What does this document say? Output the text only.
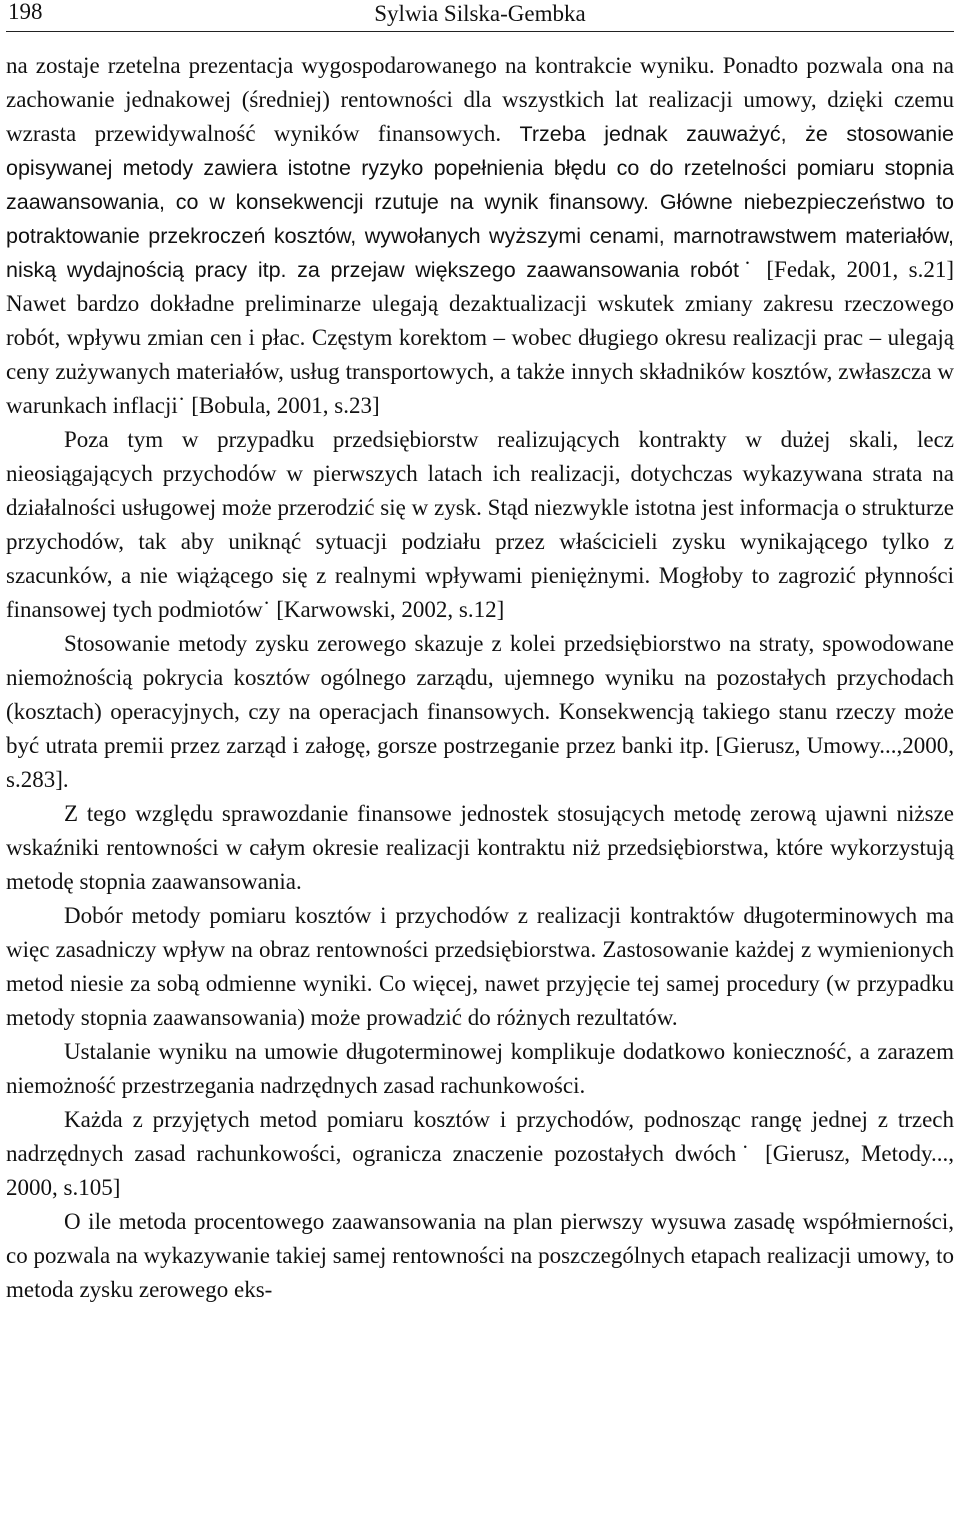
198	Sylwia Silska-Gembka

na zostaje rzetelna prezentacja wygospodarowanego na kontrakcie wyniku. Ponadto pozwala ona na zachowanie jednakowej (średniej) rentowności dla wszystkich lat realizacji umowy, dzięki czemu wzrasta przewidywalność wyników finansowych. Trzeba jednak zauważyć, że stosowanie opisywanej metody zawiera istotne ryzyko popełnienia błędu co do rzetelności pomiaru stopnia zaawansowania, co w konsekwencji rzutuje na wynik finansowy. Główne niebezpieczeństwo to potraktowanie przekroczeń kosztów, wywołanych wyższymi cenami, marnotrawstwem materiałów, niską wydajnością pracy itp. za przejaw większego zaawansowania robót˙ [Fedak, 2001, s.21] Nawet bardzo dokładne preliminarze ulegają dezaktualizacji wskutek zmiany zakresu rzeczowego robót, wpływu zmian cen i płac. Częstym korektom – wobec długiego okresu realizacji prac – ulegają ceny zużywanych materiałów, usług transportowych, a także innych składników kosztów, zwłaszcza w warunkach inflacji˙ [Bobula, 2001, s.23]

Poza tym w przypadku przedsiębiorstw realizujących kontrakty w dużej skali, lecz nieosiągających przychodów w pierwszych latach ich realizacji, dotychczas wykazywana strata na działalności usługowej może przerodzić się w zysk. Stąd niezwykle istotna jest informacja o strukturze przychodów, tak aby uniknąć sytuacji podziału przez właścicieli zysku wynikającego tylko z szacunków, a nie wiążącego się z realnymi wpływami pieniężnymi. Mogłoby to zagrozić płynności finansowej tych podmiotów˙ [Karwowski, 2002, s.12]

Stosowanie metody zysku zerowego skazuje z kolei przedsiębiorstwo na straty, spowodowane niemożnością pokrycia kosztów ogólnego zarządu, ujemnego wyniku na pozostałych przychodach (kosztach) operacyjnych, czy na operacjach finansowych. Konsekwencją takiego stanu rzeczy może być utrata premii przez zarząd i załogę, gorsze postrzeganie przez banki itp. [Gierusz, Umowy...,2000, s.283].

Z tego względu sprawozdanie finansowe jednostek stosujących metodę zerową ujawni niższe wskaźniki rentowności w całym okresie realizacji kontraktu niż przedsiębiorstwa, które wykorzystują metodę stopnia zaawansowania.

Dobór metody pomiaru kosztów i przychodów z realizacji kontraktów długoterminowych ma więc zasadniczy wpływ na obraz rentowności przedsiębiorstwa. Zastosowanie każdej z wymienionych metod niesie za sobą odmienne wyniki. Co więcej, nawet przyjęcie tej samej procedury (w przypadku metody stopnia zaawansowania) może prowadzić do różnych rezultatów.

Ustalanie wyniku na umowie długoterminowej komplikuje dodatkowo konieczność, a zarazem niemożność przestrzegania nadrzędnych zasad rachunkowości.

Każda z przyjętych metod pomiaru kosztów i przychodów, podnosząc rangę jednej z trzech nadrzędnych zasad rachunkowości, ogranicza znaczenie pozostałych dwóch˙ [Gierusz, Metody..., 2000, s.105]

O ile metoda procentowego zaawansowania na plan pierwszy wysuwa zasadę współmierności, co pozwala na wykazywanie takiej samej rentowności na poszczególnych etapach realizacji umowy, to metoda zysku zerowego eks-
